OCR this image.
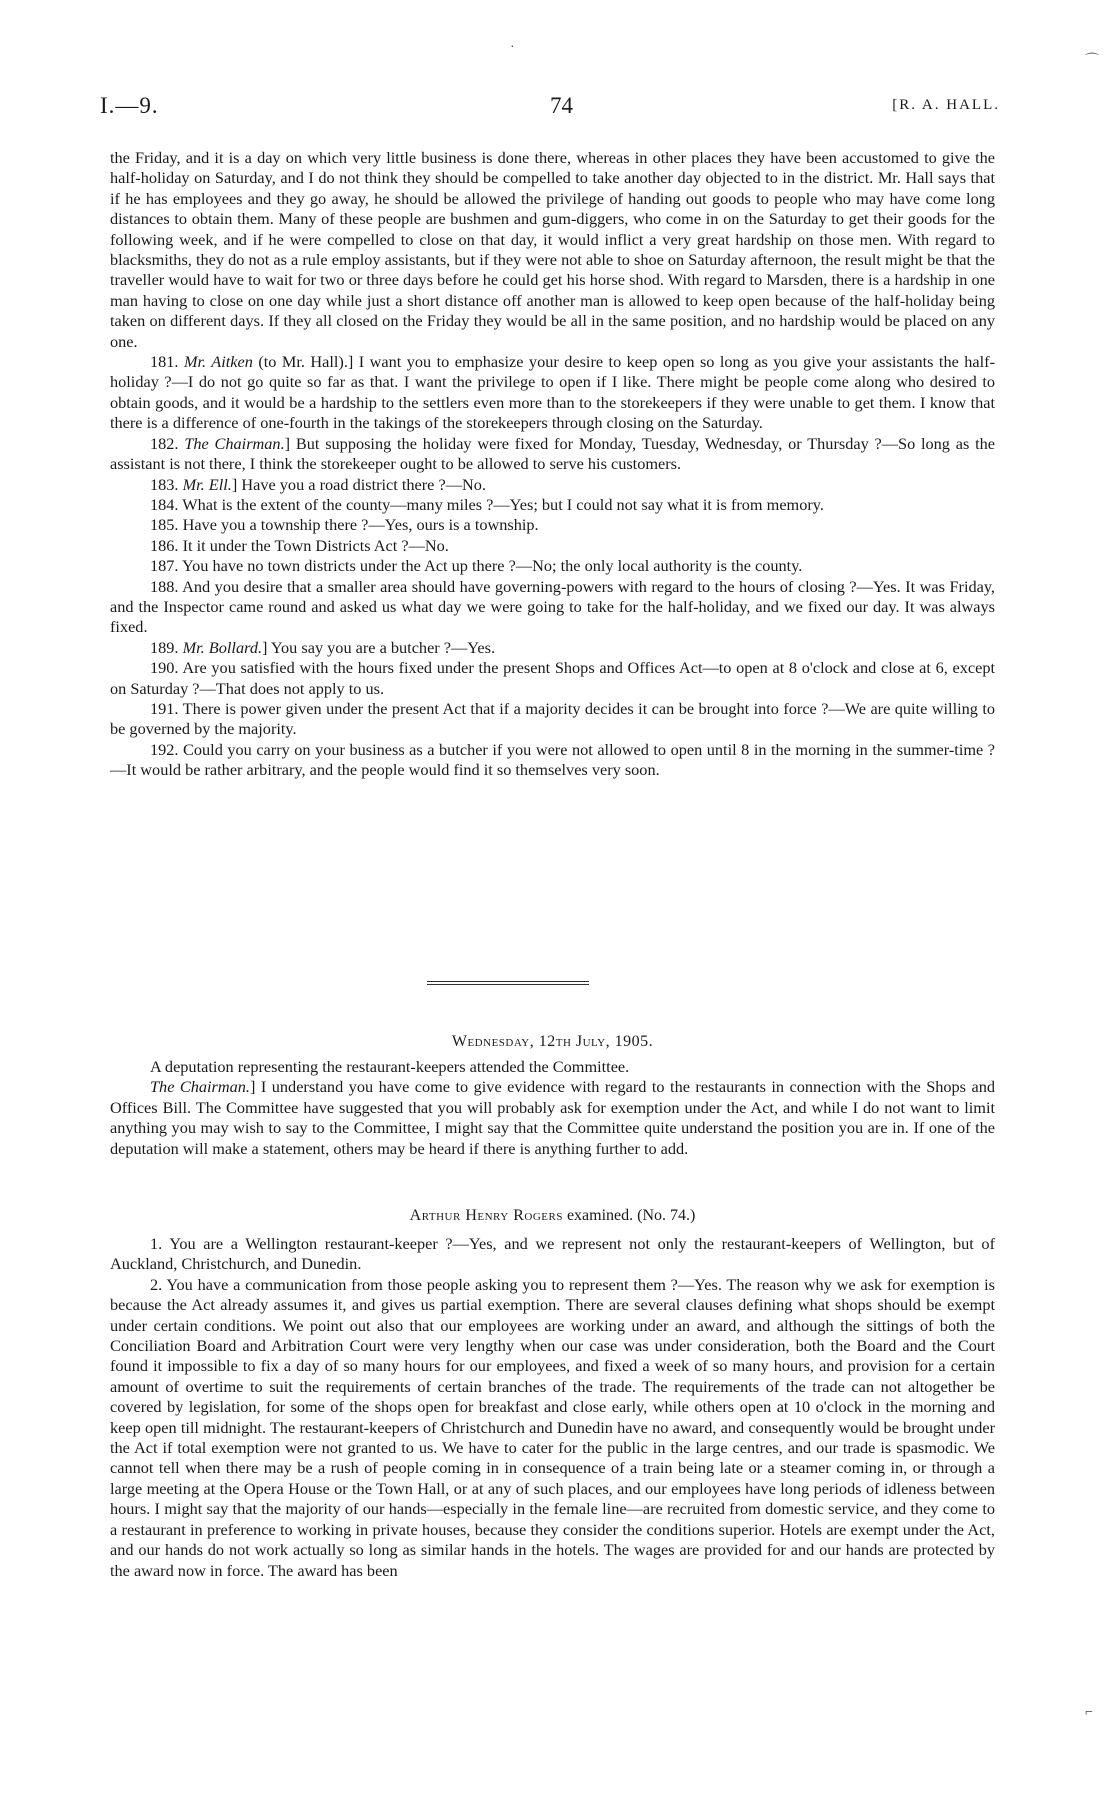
I.—9.	74	[R. A. HALL.

the Friday, and it is a day on which very little business is done there, whereas in other places they have been accustomed to give the half-holiday on Saturday, and I do not think they should be compelled to take another day objected to in the district. Mr. Hall says that if he has employees and they go away, he should be allowed the privilege of handing out goods to people who may have come long distances to obtain them. Many of these people are bushmen and gum-diggers, who come in on the Saturday to get their goods for the following week, and if he were compelled to close on that day, it would inflict a very great hardship on those men. With regard to blacksmiths, they do not as a rule employ assistants, but if they were not able to shoe on Saturday afternoon, the result might be that the traveller would have to wait for two or three days before he could get his horse shod. With regard to Marsden, there is a hardship in one man having to close on one day while just a short distance off another man is allowed to keep open because of the half-holiday being taken on different days. If they all closed on the Friday they would be all in the same position, and no hardship would be placed on any one.

181. Mr. Aitken (to Mr. Hall).] I want you to emphasize your desire to keep open so long as you give your assistants the half-holiday ?—I do not go quite so far as that. I want the privilege to open if I like. There might be people come along who desired to obtain goods, and it would be a hardship to the settlers even more than to the storekeepers if they were unable to get them. I know that there is a difference of one-fourth in the takings of the storekeepers through closing on the Saturday.

182. The Chairman.] But supposing the holiday were fixed for Monday, Tuesday, Wednesday, or Thursday ?—So long as the assistant is not there, I think the storekeeper ought to be allowed to serve his customers.

183. Mr. Ell.] Have you a road district there ?—No.

184. What is the extent of the county—many miles ?—Yes; but I could not say what it is from memory.

185. Have you a township there ?—Yes, ours is a township.

186. It it under the Town Districts Act ?—No.

187. You have no town districts under the Act up there ?—No; the only local authority is the county.

188. And you desire that a smaller area should have governing-powers with regard to the hours of closing ?—Yes. It was Friday, and the Inspector came round and asked us what day we were going to take for the half-holiday, and we fixed our day. It was always fixed.

189. Mr. Bollard.] You say you are a butcher ?—Yes.

190. Are you satisfied with the hours fixed under the present Shops and Offices Act—to open at 8 o'clock and close at 6, except on Saturday ?—That does not apply to us.

191. There is power given under the present Act that if a majority decides it can be brought into force ?—We are quite willing to be governed by the majority.

192. Could you carry on your business as a butcher if you were not allowed to open until 8 in the morning in the summer-time ?—It would be rather arbitrary, and the people would find it so themselves very soon.

Wednesday, 12th July, 1905.

A deputation representing the restaurant-keepers attended the Committee.

The Chairman.] I understand you have come to give evidence with regard to the restaurants in connection with the Shops and Offices Bill. The Committee have suggested that you will probably ask for exemption under the Act, and while I do not want to limit anything you may wish to say to the Committee, I might say that the Committee quite understand the position you are in. If one of the deputation will make a statement, others may be heard if there is anything further to add.

Arthur Henry Rogers examined. (No. 74.)

1. You are a Wellington restaurant-keeper ?—Yes, and we represent not only the restaurant-keepers of Wellington, but of Auckland, Christchurch, and Dunedin.

2. You have a communication from those people asking you to represent them ?—Yes. The reason why we ask for exemption is because the Act already assumes it, and gives us partial exemption. There are several clauses defining what shops should be exempt under certain conditions. We point out also that our employees are working under an award, and although the sittings of both the Conciliation Board and Arbitration Court were very lengthy when our case was under consideration, both the Board and the Court found it impossible to fix a day of so many hours for our employees, and fixed a week of so many hours, and provision for a certain amount of overtime to suit the requirements of certain branches of the trade. The requirements of the trade can not altogether be covered by legislation, for some of the shops open for breakfast and close early, while others open at 10 o'clock in the morning and keep open till midnight. The restaurant-keepers of Christchurch and Dunedin have no award, and consequently would be brought under the Act if total exemption were not granted to us. We have to cater for the public in the large centres, and our trade is spasmodic. We cannot tell when there may be a rush of people coming in in consequence of a train being late or a steamer coming in, or through a large meeting at the Opera House or the Town Hall, or at any of such places, and our employees have long periods of idleness between hours. I might say that the majority of our hands—especially in the female line—are recruited from domestic service, and they come to a restaurant in preference to working in private houses, because they consider the conditions superior. Hotels are exempt under the Act, and our hands do not work actually so long as similar hands in the hotels. The wages are provided for and our hands are protected by the award now in force. The award has been

·
⌒
⌐
